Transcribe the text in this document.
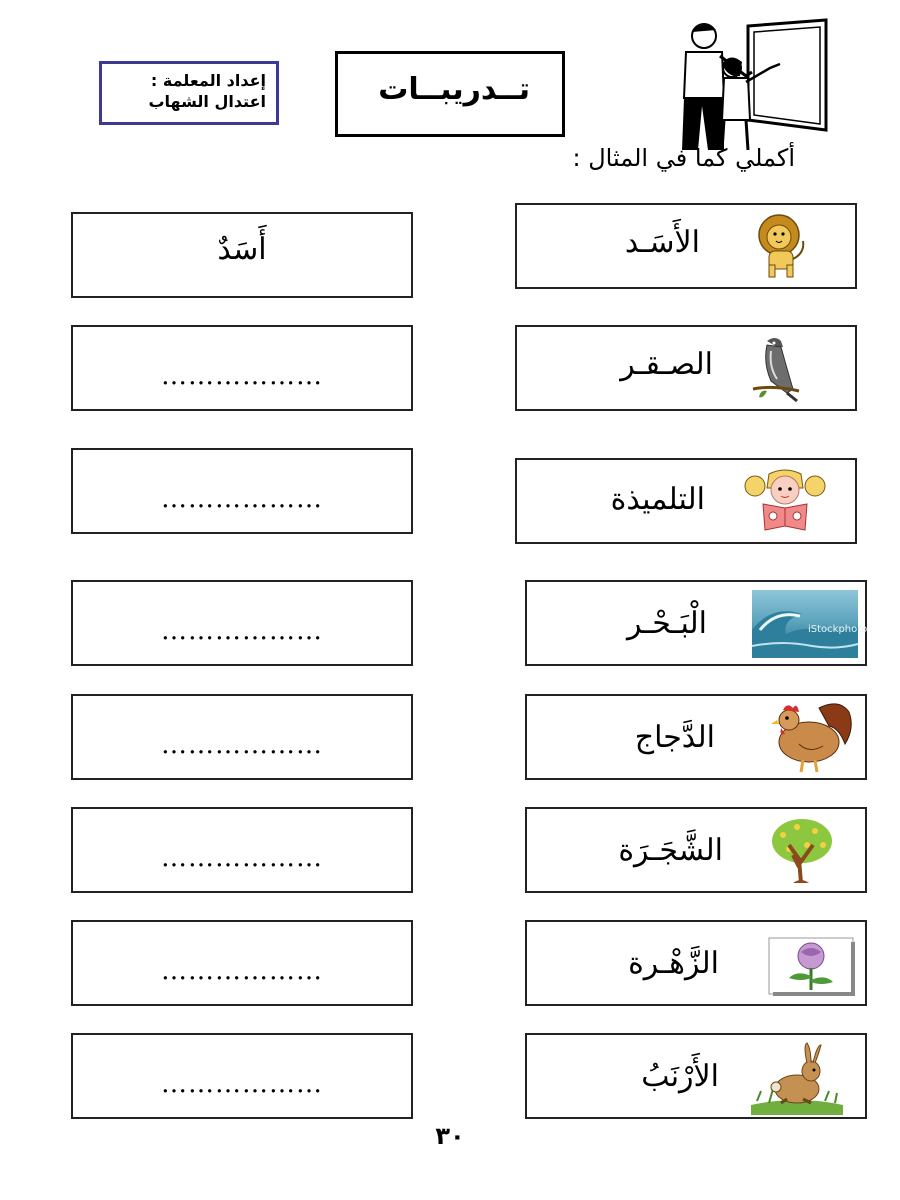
إعداد المعلمة :
اعتدال الشهاب	تــدريبــات
أكملي كما في المثال :
الأَسَـد
أَسَدٌ
الصـقـر
………………
التلميذة
………………
الْبَـحْـر	iStockphoto
………………
الدَّجاج
………………
الشَّجَـرَة
………………
الزَّهْـرة
………………
الأَرْنَبُ
………………
٣٠
